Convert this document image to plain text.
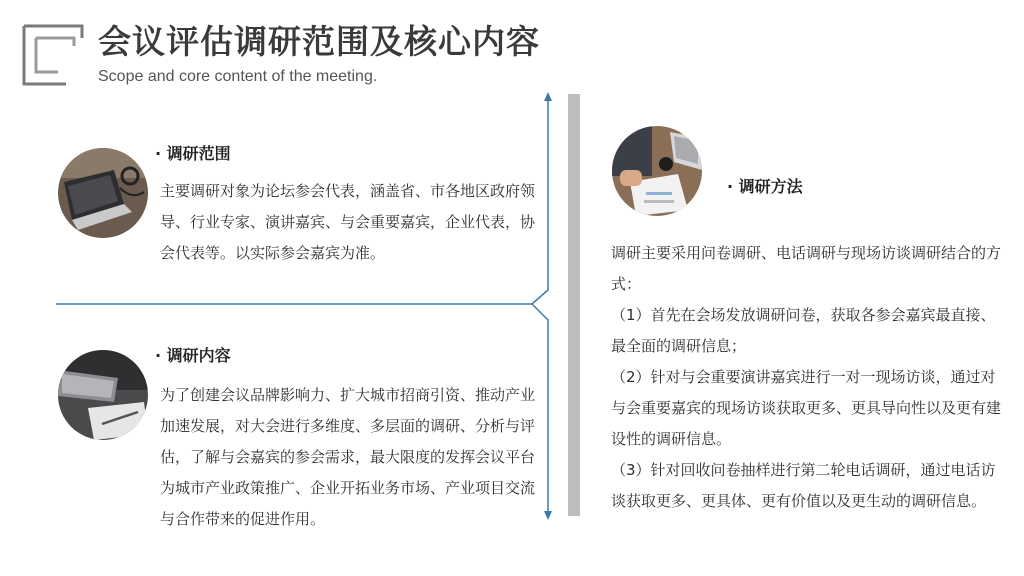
会议评估调研范围及核心内容
Scope and core content of the meeting.
· 调研范围
主要调研对象为论坛参会代表，涵盖省、市各地区政府领导、行业专家、演讲嘉宾、与会重要嘉宾，企业代表，协会代表等。以实际参会嘉宾为准。
· 调研内容
为了创建会议品牌影响力、扩大城市招商引资、推动产业加速发展，对大会进行多维度、多层面的调研、分析与评估，了解与会嘉宾的参会需求，最大限度的发挥会议平台为城市产业政策推广、企业开拓业务市场、产业项目交流与合作带来的促进作用。
· 调研方法

调研主要采用问卷调研、电话调研与现场访谈调研结合的方式：

（1）首先在会场发放调研问卷，获取各参会嘉宾最直接、最全面的调研信息；

（2）针对与会重要演讲嘉宾进行一对一现场访谈，通过对与会重要嘉宾的现场访谈获取更多、更具导向性以及更有建设性的调研信息。

（3）针对回收问卷抽样进行第二轮电话调研，通过电话访谈获取更多、更具体、更有价值以及更生动的调研信息。
